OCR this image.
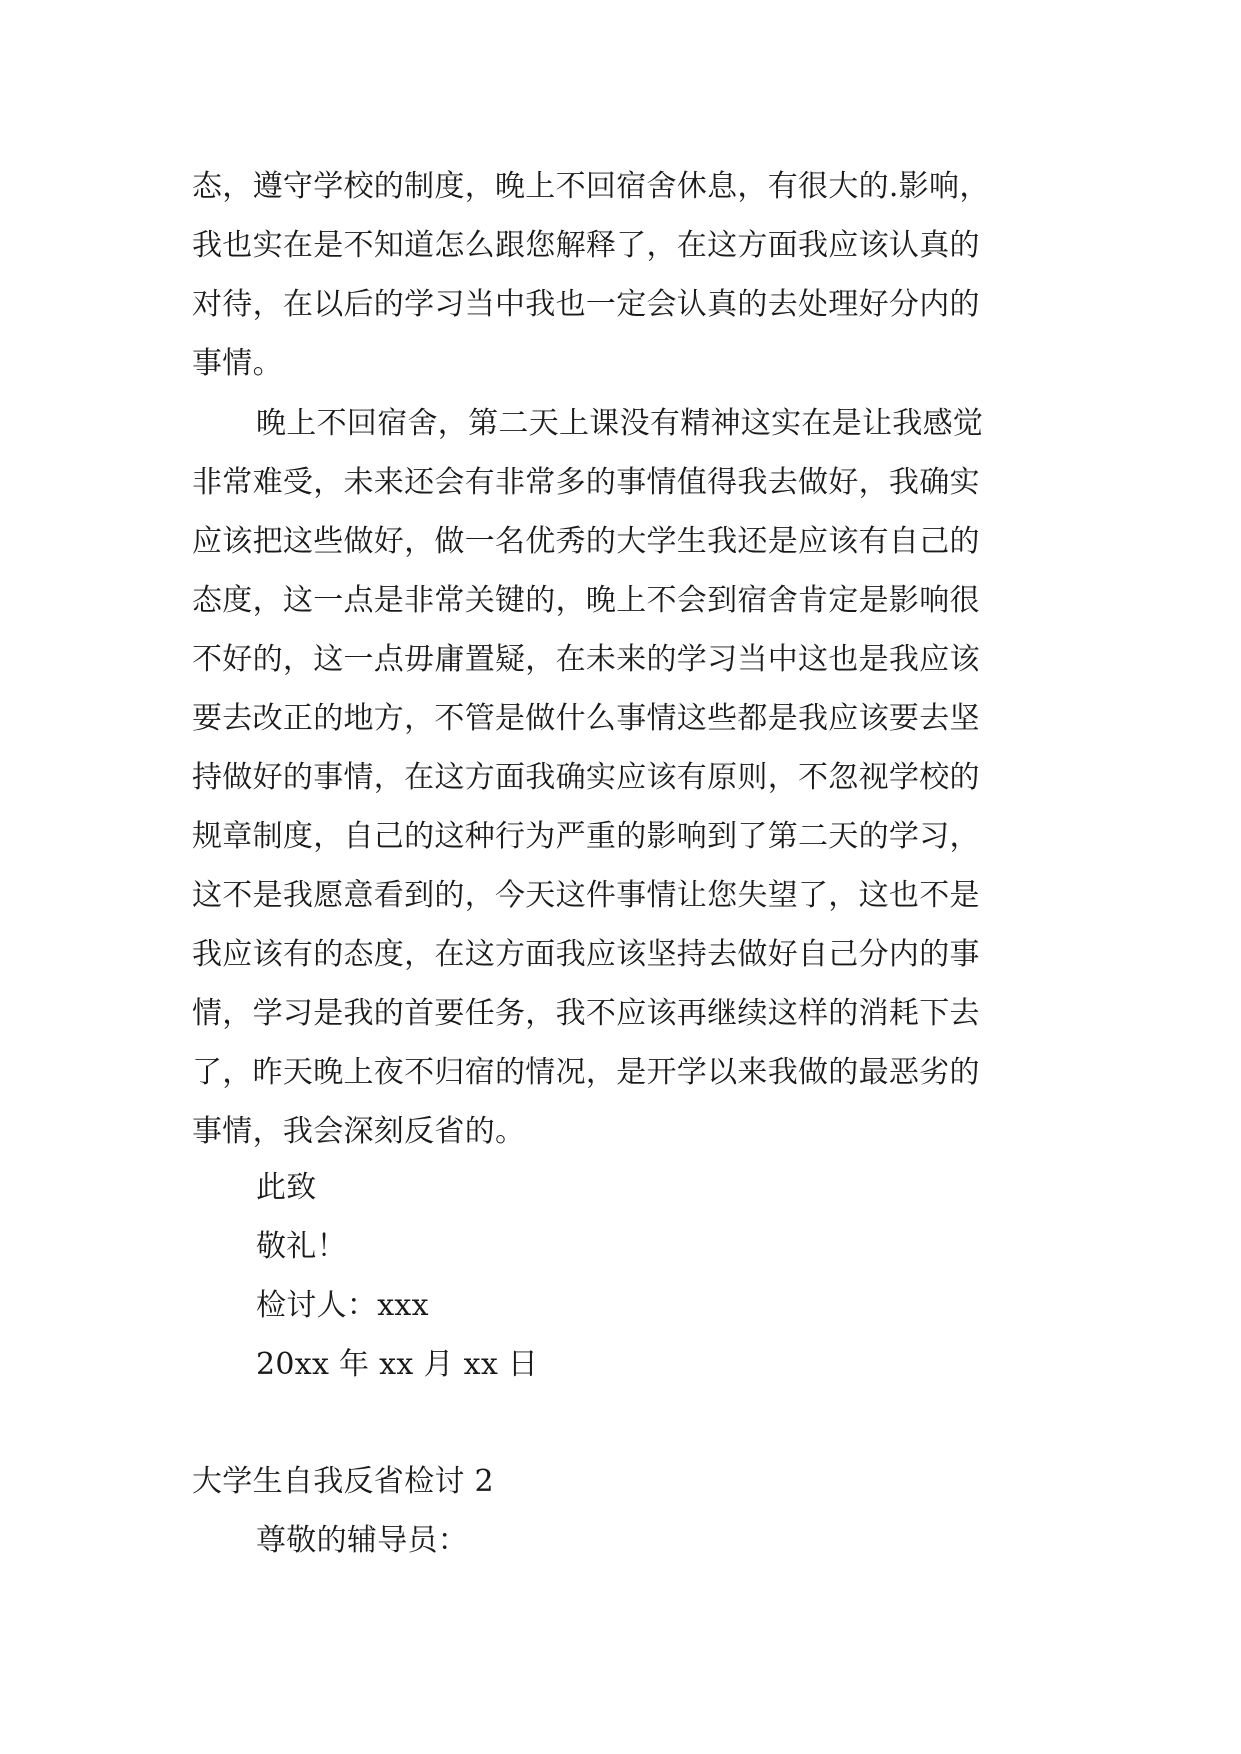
态，遵守学校的制度，晚上不回宿舍休息，有很大的.影响，
我也实在是不知道怎么跟您解释了，在这方面我应该认真的
对待，在以后的学习当中我也一定会认真的去处理好分内的
事情。
晚上不回宿舍，第二天上课没有精神这实在是让我感觉
非常难受，未来还会有非常多的事情值得我去做好，我确实
应该把这些做好，做一名优秀的大学生我还是应该有自己的
态度，这一点是非常关键的，晚上不会到宿舍肯定是影响很
不好的，这一点毋庸置疑，在未来的学习当中这也是我应该
要去改正的地方，不管是做什么事情这些都是我应该要去坚
持做好的事情，在这方面我确实应该有原则，不忽视学校的
规章制度，自己的这种行为严重的影响到了第二天的学习，
这不是我愿意看到的，今天这件事情让您失望了，这也不是
我应该有的态度，在这方面我应该坚持去做好自己分内的事
情，学习是我的首要任务，我不应该再继续这样的消耗下去
了，昨天晚上夜不归宿的情况，是开学以来我做的最恶劣的
事情，我会深刻反省的。
此致
敬礼！
检讨人：xxx
20xx 年 xx 月 xx 日
大学生自我反省检讨 2
尊敬的辅导员：
